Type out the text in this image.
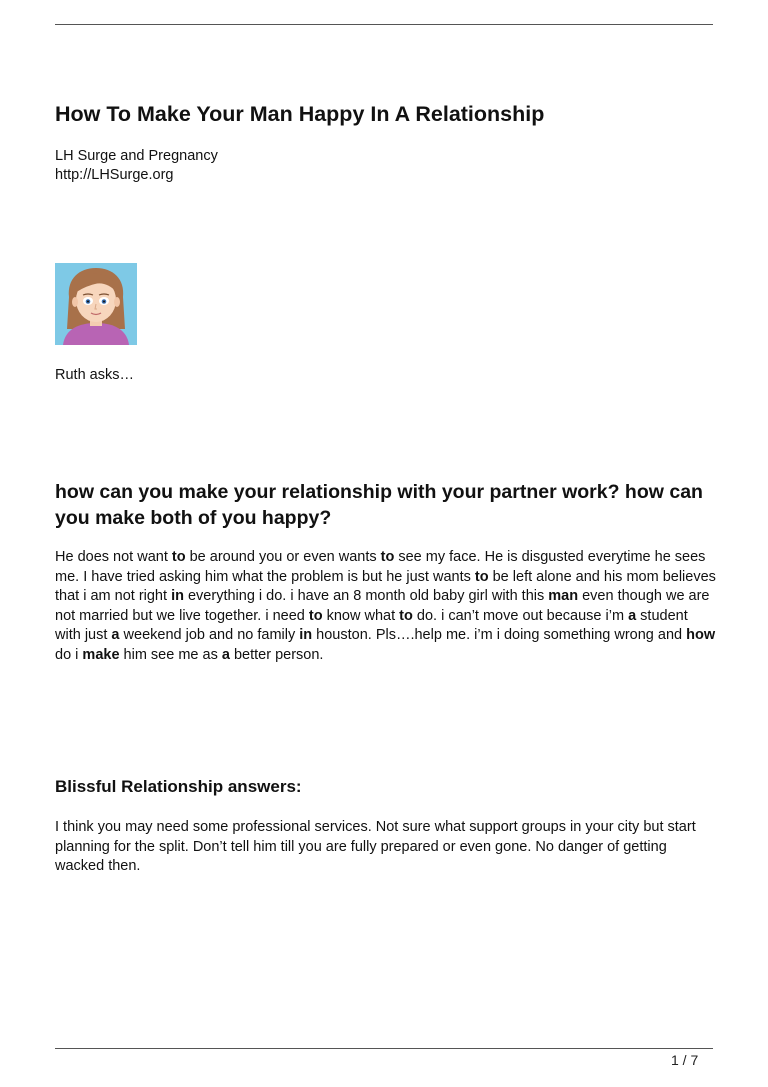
How To Make Your Man Happy In A Relationship
LH Surge and Pregnancy
http://LHSurge.org
Ruth asks…
how can you make your relationship with your partner work? how can you make both of you happy?

He does not want to be around you or even wants to see my face. He is disgusted everytime he sees me. I have tried asking him what the problem is but he just wants to be left alone and his mom believes that i am not right in everything i do. i have an 8 month old baby girl with this man even though we are not married but we live together. i need to know what to do. i can’t move out because i’m a student with just a weekend job and no family in houston. Pls….help me. i’m i doing something wrong and how do i make him see me as a better person.

Blissful Relationship answers:

I think you may need some professional services. Not sure what support groups in your city but start planning for the split. Don’t tell him till you are fully prepared or even gone. No danger of getting wacked then.

1 / 7
